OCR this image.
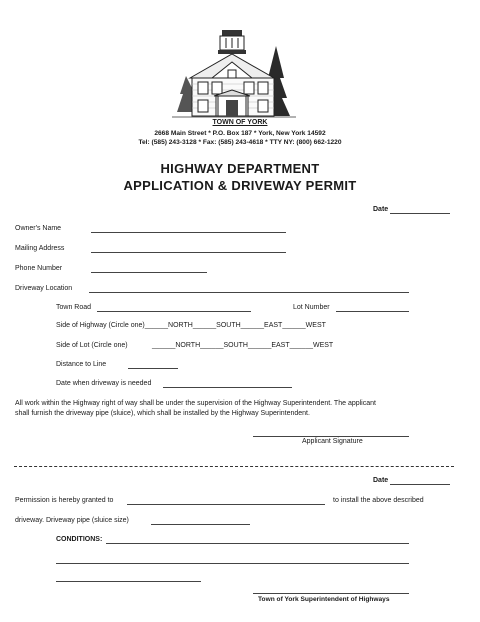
TOWN OF YORK
2668 Main Street * P.O. Box 187 * York, New York 14592
Tel: (585) 243-3128 * Fax: (585) 243-4618 * TTY NY: (800) 662-1220
HIGHWAY DEPARTMENT
APPLICATION & DRIVEWAY PERMIT
Date
Owner's Name
Mailing Address
Phone Number
Driveway Location
Town Road	Lot Number
Side of Highway (Circle one)______NORTH______SOUTH______EAST______WEST
Side of Lot (Circle one)	______NORTH______SOUTH______EAST______WEST
Distance to Line
Date when driveway is needed
All work within the Highway right of way shall be under the supervision of the Highway Superintendent. The applicant
shall furnish the driveway pipe (sluice), which shall be installed by the Highway Superintendent.
Applicant Signature
Date
Permission is hereby granted to	to install the above described
driveway. Driveway pipe (sluice size)
CONDITIONS:
Town of York Superintendent of Highways
